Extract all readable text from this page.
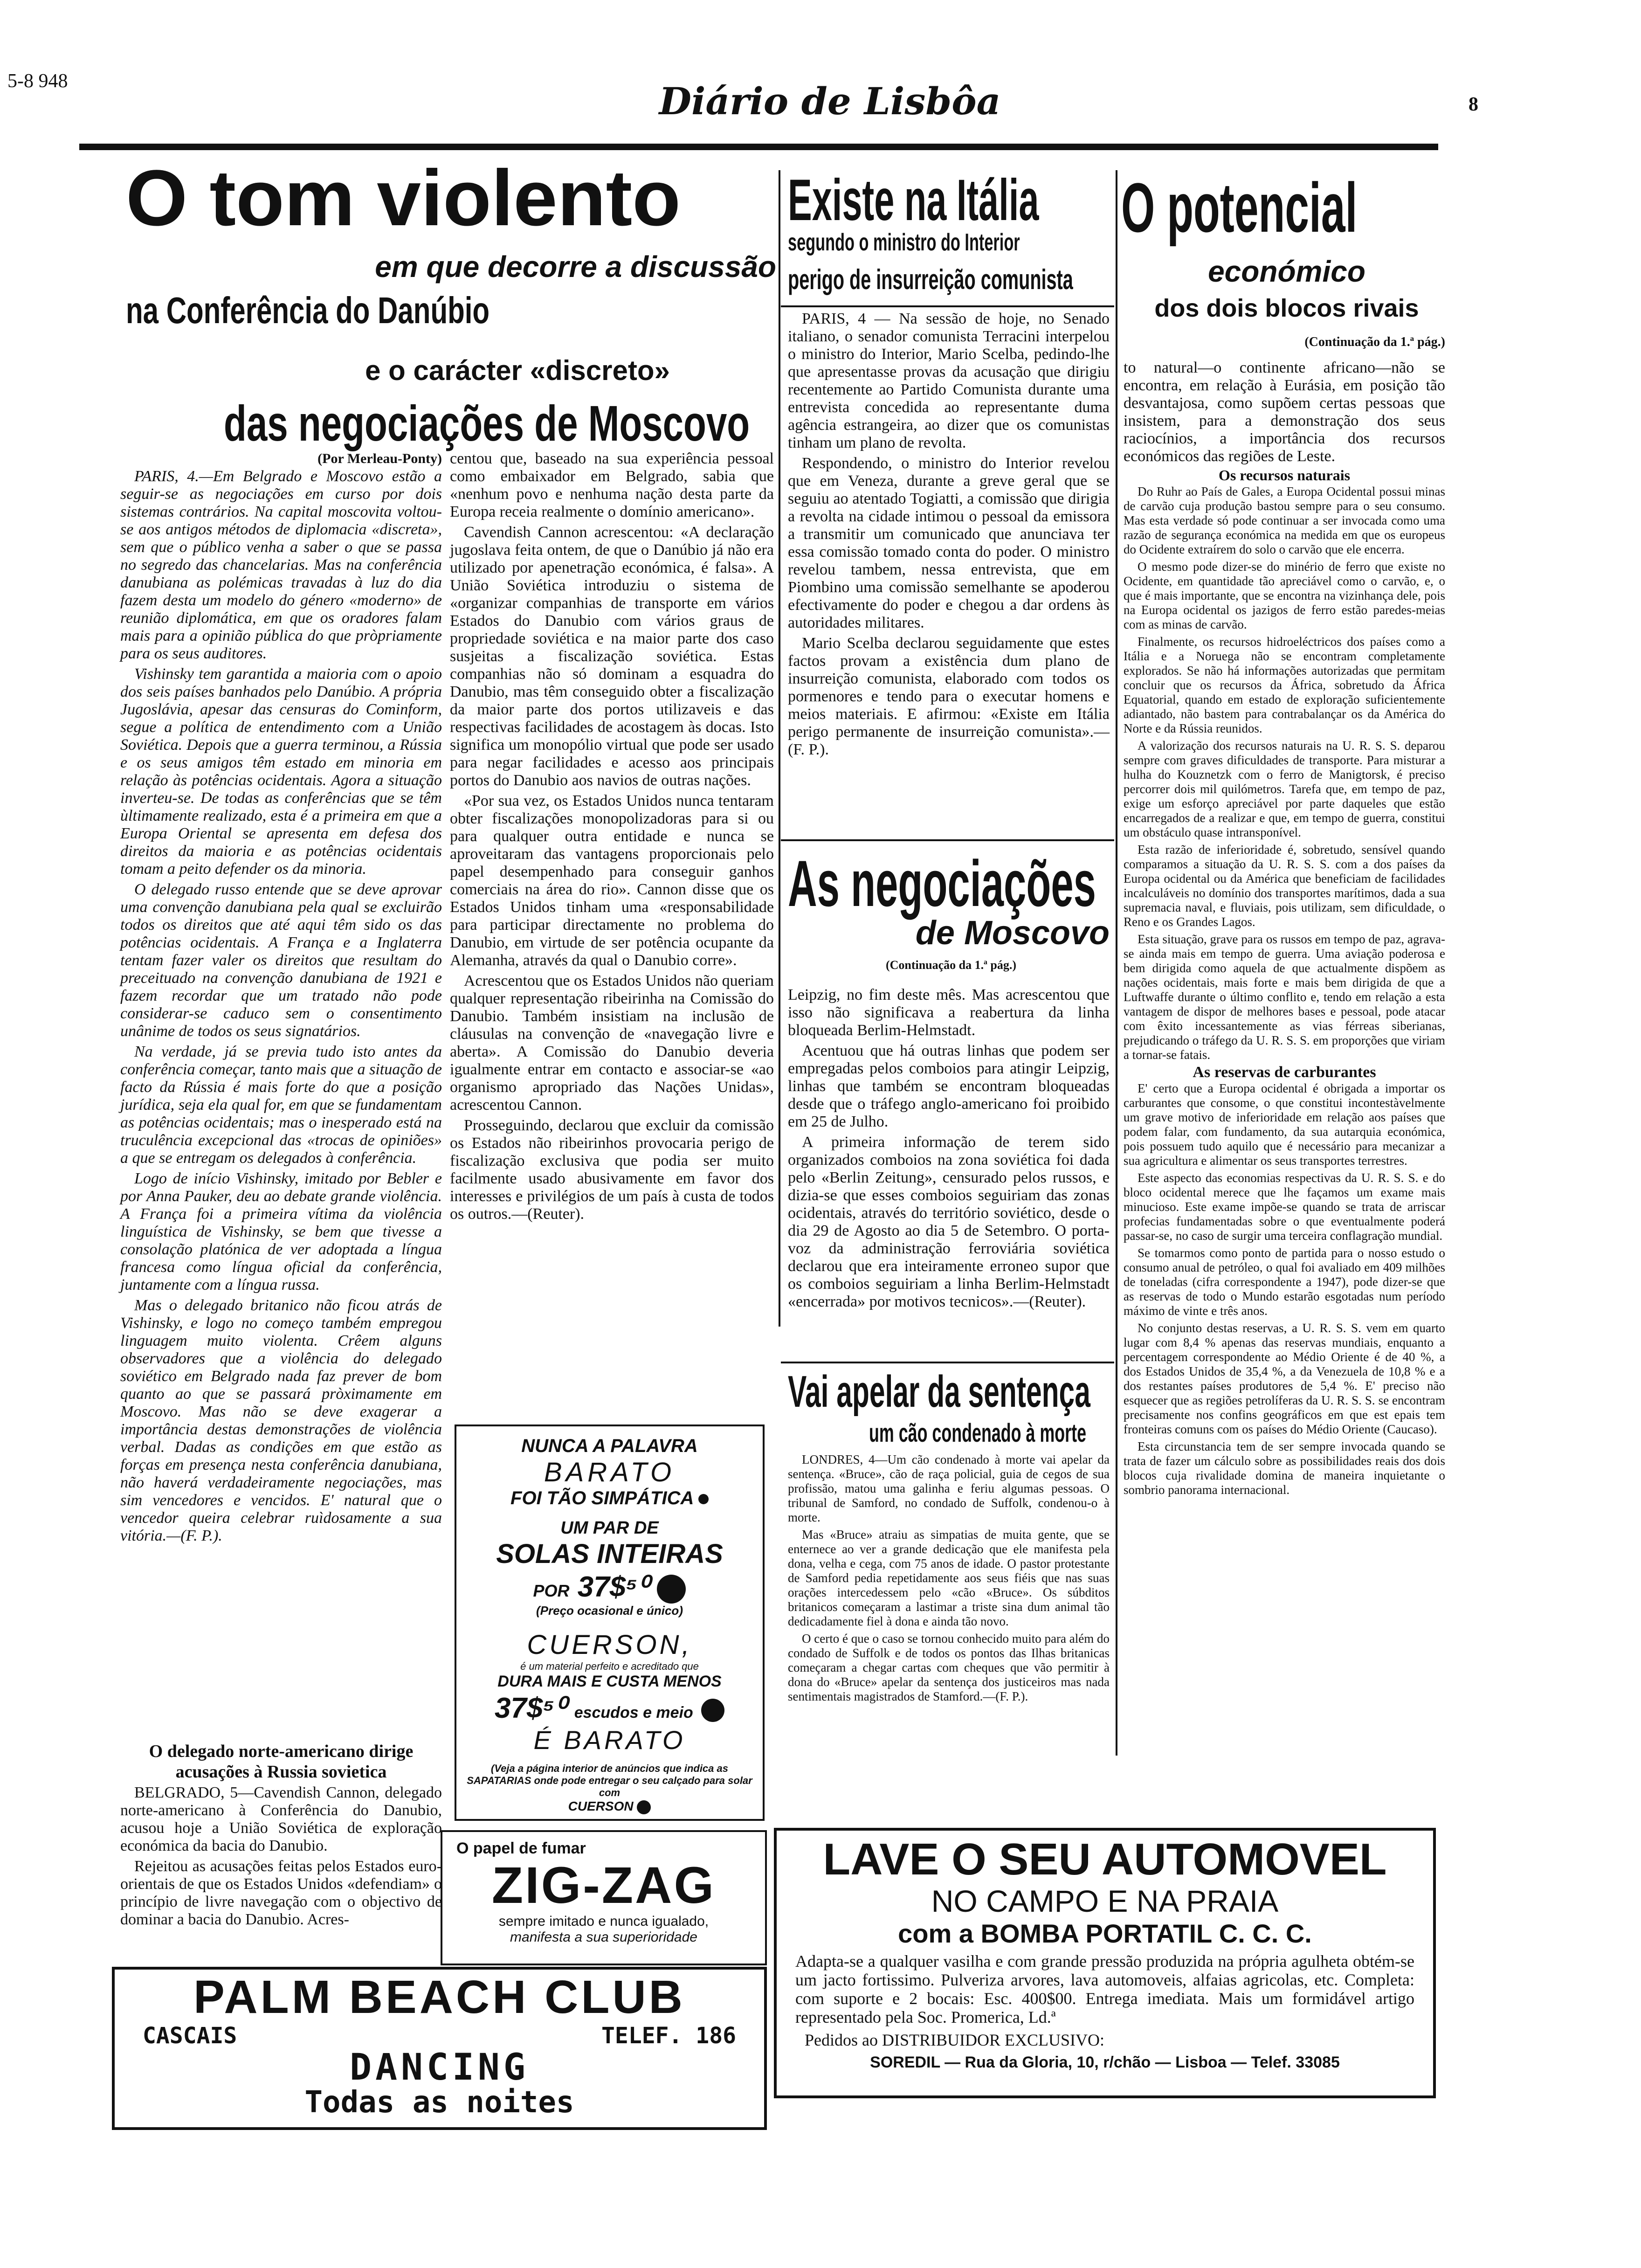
5-8 948	Diário de Lisbôa	8
O tom violento
em que decorre a discussão
na Conferência do Danúbio
e o carácter «discreto»
das negociações de Moscovo
(Por Merleau-Ponty)

PARIS, 4.—Em Belgrado e Moscovo estão a seguir-se as negociações em curso por dois sistemas contrários. Na capital moscovita voltou-se aos antigos métodos de diplomacia «discreta», sem que o público venha a saber o que se passa no segredo das chancelarias. Mas na conferência danubiana as polémicas travadas à luz do dia fazem desta um modelo do género «moderno» de reunião diplomática, em que os oradores falam mais para a opinião pública do que pròpriamente para os seus auditores.

Vishinsky tem garantida a maioria com o apoio dos seis países banhados pelo Danúbio. A própria Jugoslávia, apesar das censuras do Cominform, segue a política de entendimento com a União Soviética. Depois que a guerra terminou, a Rússia e os seus amigos têm estado em minoria em relação às potências ocidentais. Agora a situação inverteu-se. De todas as conferências que se têm ùltimamente realizado, esta é a primeira em que a Europa Oriental se apresenta em defesa dos direitos da maioria e as potências ocidentais tomam a peito defender os da minoria.

O delegado russo entende que se deve aprovar uma convenção danubiana pela qual se excluirão todos os direitos que até aqui têm sido os das potências ocidentais. A França e a Inglaterra tentam fazer valer os direitos que resultam do preceituado na convenção danubiana de 1921 e fazem recordar que um tratado não pode considerar-se caduco sem o consentimento unânime de todos os seus signatários.

Na verdade, já se previa tudo isto antes da conferência começar, tanto mais que a situação de facto da Rússia é mais forte do que a posição jurídica, seja ela qual for, em que se fundamentam as potências ocidentais; mas o inesperado está na truculência excepcional das «trocas de opiniões» a que se entregam os delegados à conferência.

Logo de início Vishinsky, imitado por Bebler e por Anna Pauker, deu ao debate grande violência. A França foi a primeira vítima da violência linguística de Vishinsky, se bem que tivesse a consolação platónica de ver adoptada a língua francesa como língua oficial da conferência, juntamente com a língua russa.

Mas o delegado britanico não ficou atrás de Vishinsky, e logo no começo também empregou linguagem muito violenta. Crêem alguns observadores que a violência do delegado soviético em Belgrado nada faz prever de bom quanto ao que se passará pròximamente em Moscovo. Mas não se deve exagerar a importância destas demonstrações de violência verbal. Dadas as condições em que estão as forças em presença nesta conferência danubiana, não haverá verdadeiramente negociações, mas sim vencedores e vencidos. E' natural que o vencedor queira celebrar ruìdosamente a sua vitória.—(F. P.).

O delegado norte-americano dirige acusações à Russia sovietica

BELGRADO, 5—Cavendish Cannon, delegado norte-americano à Conferência do Danubio, acusou hoje a União Soviética de exploração económica da bacia do Danubio.

Rejeitou as acusações feitas pelos Estados euro-orientais de que os Estados Unidos «defendiam» o princípio de livre navegação com o objectivo de dominar a bacia do Danubio. Acres-

centou que, baseado na sua experiência pessoal como embaixador em Belgrado, sabia que «nenhum povo e nenhuma nação desta parte da Europa receia realmente o domínio americano».

Cavendish Cannon acrescentou: «A declaração jugoslava feita ontem, de que o Danúbio já não era utilizado por apenetração económica, é falsa». A União Soviética introduziu o sistema de «organizar companhias de transporte em vários Estados do Danubio com vários graus de propriedade soviética e na maior parte dos caso susjeitas a fiscalização soviética. Estas companhias não só dominam a esquadra do Danubio, mas têm conseguido obter a fiscalização da maior parte dos portos utilizaveis e das respectivas facilidades de acostagem às docas. Isto significa um monopólio virtual que pode ser usado para negar facilidades e acesso aos principais portos do Danubio aos navios de outras nações.

«Por sua vez, os Estados Unidos nunca tentaram obter fiscalizações monopolizadoras para si ou para qualquer outra entidade e nunca se aproveitaram das vantagens proporcionais pelo papel desempenhado para conseguir ganhos comerciais na área do rio». Cannon disse que os Estados Unidos tinham uma «responsabilidade para participar directamente no problema do Danubio, em virtude de ser potência ocupante da Alemanha, através da qual o Danubio corre».

Acrescentou que os Estados Unidos não queriam qualquer representação ribeirinha na Comissão do Danubio. Também insistiam na inclusão de cláusulas na convenção de «navegação livre e aberta». A Comissão do Danubio deveria igualmente entrar em contacto e associar-se «ao organismo apropriado das Nações Unidas», acrescentou Cannon.

Prosseguindo, declarou que excluir da comissão os Estados não ribeirinhos provocaria perigo de fiscalização exclusiva que podia ser muito facilmente usado abusivamente em favor dos interesses e privilégios de um país à custa de todos os outros.—(Reuter).

NUNCA A PALAVRA
BARATO
FOI TÃO SIMPÁTICA
UM PAR DE
SOLAS INTEIRAS
POR 37$⁵⁰
(Preço ocasional e único)
CUERSON,
é um material perfeito e acreditado que
DURA MAIS E CUSTA MENOS
37$⁵⁰ escudos e meio
É BARATO
(Veja a página interior de anúncios que indica as SAPATARIAS onde pode entregar o seu calçado para solar com
CUERSON
O papel de fumar
ZIG-ZAG
sempre imitado e nunca igualado,
manifesta a sua superioridade
PALM BEACH CLUB
CASCAIS	TELEF. 186
DANCING
Todas as noites
Existe na Itália
segundo o ministro do Interior
perigo de insurreição comunista

PARIS, 4 — Na sessão de hoje, no Senado italiano, o senador comunista Terracini interpelou o ministro do Interior, Mario Scelba, pedindo-lhe que apresentasse provas da acusação que dirigiu recentemente ao Partido Comunista durante uma entrevista concedida ao representante duma agência estrangeira, ao dizer que os comunistas tinham um plano de revolta.

Respondendo, o ministro do Interior revelou que em Veneza, durante a greve geral que se seguiu ao atentado Togiatti, a comissão que dirigia a revolta na cidade intimou o pessoal da emissora a transmitir um comunicado que anunciava ter essa comissão tomado conta do poder. O ministro revelou tambem, nessa entrevista, que em Piombino uma comissão semelhante se apoderou efectivamente do poder e chegou a dar ordens às autoridades militares.

Mario Scelba declarou seguidamente que estes factos provam a existência dum plano de insurreição comunista, elaborado com todos os pormenores e tendo para o executar homens e meios materiais. E afirmou: «Existe em Itália perigo permanente de insurreição comunista».—(F. P.).

As negociações
de Moscovo
(Continuação da 1.ª pág.)

Leipzig, no fim deste mês. Mas acrescentou que isso não significava a reabertura da linha bloqueada Berlim-Helmstadt.

Acentuou que há outras linhas que podem ser empregadas pelos comboios para atingir Leipzig, linhas que também se encontram bloqueadas desde que o tráfego anglo-americano foi proibido em 25 de Julho.

A primeira informação de terem sido organizados comboios na zona soviética foi dada pelo «Berlin Zeitung», censurado pelos russos, e dizia-se que esses comboios seguiriam das zonas ocidentais, através do território soviético, desde o dia 29 de Agosto ao dia 5 de Setembro. O porta-voz da administração ferroviária soviética declarou que era inteiramente erroneo supor que os comboios seguiriam a linha Berlim-Helmstadt «encerrada» por motivos tecnicos».—(Reuter).

Vai apelar da sentença
um cão condenado à morte

LONDRES, 4—Um cão condenado à morte vai apelar da sentença. «Bruce», cão de raça policial, guia de cegos de sua profissão, matou uma galinha e feriu algumas pessoas. O tribunal de Samford, no condado de Suffolk, condenou-o à morte.

Mas «Bruce» atraiu as simpatias de muita gente, que se enternece ao ver a grande dedicação que ele manifesta pela dona, velha e cega, com 75 anos de idade. O pastor protestante de Samford pedia repetidamente aos seus fiéis que nas suas orações intercedessem pelo «cão «Bruce». Os súbditos britanicos começaram a lastimar a triste sina dum animal tão dedicadamente fiel à dona e ainda tão novo.

O certo é que o caso se tornou conhecido muito para além do condado de Suffolk e de todos os pontos das Ilhas britanicas começaram a chegar cartas com cheques que vão permitir à dona do «Bruce» apelar da sentença dos justiceiros mas nada sentimentais magistrados de Stamford.—(F. P.).

O potencial
económico
dos dois blocos rivais
(Continuação da 1.ª pág.)

to natural—o continente africano—não se encontra, em relação à Eurásia, em posição tão desvantajosa, como supõem certas pessoas que insistem, para a demonstração dos seus raciocínios, a importância dos recursos económicos das regiões de Leste.

Os recursos naturais

Do Ruhr ao País de Gales, a Europa Ocidental possui minas de carvão cuja produção bastou sempre para o seu consumo. Mas esta verdade só pode continuar a ser invocada como uma razão de segurança económica na medida em que os europeus do Ocidente extraírem do solo o carvão que ele encerra.

O mesmo pode dizer-se do minério de ferro que existe no Ocidente, em quantidade tão apreciável como o carvão, e, o que é mais importante, que se encontra na vizinhança dele, pois na Europa ocidental os jazigos de ferro estão paredes-meias com as minas de carvão.

Finalmente, os recursos hidroeléctricos dos países como a Itália e a Noruega não se encontram completamente explorados. Se não há informações autorizadas que permitam concluir que os recursos da África, sobretudo da África Equatorial, quando em estado de exploração suficientemente adiantado, não bastem para contrabalançar os da América do Norte e da Rússia reunidos.

A valorização dos recursos naturais na U. R. S. S. deparou sempre com graves dificuldades de transporte. Para misturar a hulha do Kouznetzk com o ferro de Manigtorsk, é preciso percorrer dois mil quilómetros. Tarefa que, em tempo de paz, exige um esforço apreciável por parte daqueles que estão encarregados de a realizar e que, em tempo de guerra, constitui um obstáculo quase intransponível.

Esta razão de inferioridade é, sobretudo, sensível quando comparamos a situação da U. R. S. S. com a dos países da Europa ocidental ou da América que beneficiam de facilidades incalculáveis no domínio dos transportes marítimos, dada a sua supremacia naval, e fluviais, pois utilizam, sem dificuldade, o Reno e os Grandes Lagos.

Esta situação, grave para os russos em tempo de paz, agrava-se ainda mais em tempo de guerra. Uma aviação poderosa e bem dirigida como aquela de que actualmente dispõem as nações ocidentais, mais forte e mais bem dirigida de que a Luftwaffe durante o último conflito e, tendo em relação a esta vantagem de dispor de melhores bases e pessoal, pode atacar com êxito incessantemente as vias férreas siberianas, prejudicando o tráfego da U. R. S. S. em proporções que viriam a tornar-se fatais.

As reservas de carburantes

E' certo que a Europa ocidental é obrigada a importar os carburantes que consome, o que constitui incontestàvelmente um grave motivo de inferioridade em relação aos países que podem falar, com fundamento, da sua autarquia económica, pois possuem tudo aquilo que é necessário para mecanizar a sua agricultura e alimentar os seus transportes terrestres.

Este aspecto das economias respectivas da U. R. S. S. e do bloco ocidental merece que lhe façamos um exame mais minucioso. Este exame impõe-se quando se trata de arriscar profecias fundamentadas sobre o que eventualmente poderá passar-se, no caso de surgir uma terceira conflagração mundial.

Se tomarmos como ponto de partida para o nosso estudo o consumo anual de petróleo, o qual foi avaliado em 409 milhões de toneladas (cifra correspondente a 1947), pode dizer-se que as reservas de todo o Mundo estarão esgotadas num período máximo de vinte e três anos.

No conjunto destas reservas, a U. R. S. S. vem em quarto lugar com 8,4 % apenas das reservas mundiais, enquanto a percentagem correspondente ao Médio Oriente é de 40 %, a dos Estados Unidos de 35,4 %, a da Venezuela de 10,8 % e a dos restantes países produtores de 5,4 %. E' preciso não esquecer que as regiões petrolíferas da U. R. S. S. se encontram precisamente nos confins geográficos em que est epais tem fronteiras comuns com os países do Médio Oriente (Caucaso).

Esta circunstancia tem de ser sempre invocada quando se trata de fazer um cálculo sobre as possibilidades reais dos dois blocos cuja rivalidade domina de maneira inquietante o sombrio panorama internacional.

LAVE O SEU AUTOMOVEL
NO CAMPO E NA PRAIA
com a BOMBA PORTATIL C. C. C.
Adapta-se a qualquer vasilha e com grande pressão produzida na própria agulheta obtém-se um jacto fortissimo. Pulveriza arvores, lava automoveis, alfaias agricolas, etc. Completa: com suporte e 2 bocais: Esc. 400$00. Entrega imediata. Mais um formidável artigo representado pela Soc. Promerica, Ld.ª
Pedidos ao DISTRIBUIDOR EXCLUSIVO:
SOREDIL — Rua da Gloria, 10, r/chão — Lisboa — Telef. 33085
